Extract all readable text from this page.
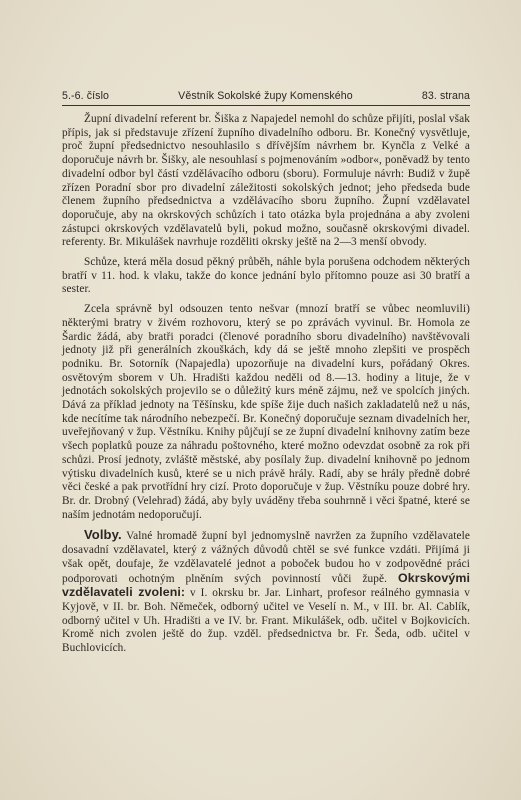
5.-6. číslo	Věstník Sokolské župy Komenského	83. strana

Župní divadelní referent br. Šiška z Napajedel nemohl do schůze přijíti, poslal však přípis, jak si představuje zřízení župního divadelního odboru. Br. Konečný vysvětluje, proč župní předsednictvo nesouhlasilo s dřívějším návrhem br. Kynčla z Velké a doporučuje návrh br. Šišky, ale nesouhlasí s pojmenováním »odbor«, poněvadž by tento divadelní odbor byl částí vzdělávacího odboru (sboru). Formuluje návrh: Budiž v župě zřízen Poradní sbor pro divadelní záležitosti sokolských jednot; jeho předseda bude členem župního předsednictva a vzdělávacího sboru župního. Župní vzdělavatel doporučuje, aby na okrskových schůzích i tato otázka byla projednána a aby zvoleni zástupci okrskových vzdělavatelů byli, pokud možno, současně okrskovými divadel. referenty. Br. Mikulášek navrhuje rozděliti okrsky ještě na 2—3 menší obvody.

Schůze, která měla dosud pěkný průběh, náhle byla porušena odchodem některých bratří v 11. hod. k vlaku, takže do konce jednání bylo přítomno pouze asi 30 bratří a sester.

Zcela správně byl odsouzen tento nešvar (mnozí bratří se vůbec neomluvili) některými bratry v živém rozhovoru, který se po zprávách vyvinul. Br. Homola ze Šardic žádá, aby bratři poradci (členové poradního sboru divadelního) navštěvovali jednoty již při generálních zkouškách, kdy dá se ještě mnoho zlepšiti ve prospěch podniku. Br. Sotorník (Napajedla) upozorňuje na divadelní kurs, pořádaný Okres. osvětovým sborem v Uh. Hradišti každou neděli od 8.—13. hodiny a lituje, že v jednotách sokolských projevilo se o důležitý kurs méně zájmu, než ve spolcích jiných. Dává za příklad jednoty na Těšínsku, kde spíše žije duch našich zakladatelů než u nás, kde necítíme tak národního nebezpečí. Br. Konečný doporučuje seznam divadelních her, uveřejňovaný v žup. Věstníku. Knihy půjčují se ze župní divadelní knihovny zatím beze všech poplatků pouze za náhradu poštovného, které možno odevzdat osobně za rok při schůzi. Prosí jednoty, zvláště městské, aby posílaly žup. divadelní knihovně po jednom výtisku divadelních kusů, které se u nich právě hrály. Radí, aby se hrály předně dobré věci české a pak prvotřídní hry cizí. Proto doporučuje v žup. Věstníku pouze dobré hry. Br. dr. Drobný (Velehrad) žádá, aby byly uváděny třeba souhrnně i věci špatné, které se naším jednotám nedoporučují.

Volby. Valné hromadě župní byl jednomyslně navržen za župního vzdělavatele dosavadní vzdělavatel, který z vážných důvodů chtěl se své funkce vzdáti. Přijímá ji však opět, doufaje, že vzdělavatelé jednot a poboček budou ho v zodpovědné práci podporovati ochotným plněním svých povinností vůči župě. Okrskovými vzdělavateli zvoleni: v I. okrsku br. Jar. Linhart, profesor reálného gymnasia v Kyjově, v II. br. Boh. Němeček, odborný učitel ve Veselí n. M., v III. br. Al. Cablík, odborný učitel v Uh. Hradišti a ve IV. br. Frant. Mikulášek, odb. učitel v Bojkovicích. Kromě nich zvolen ještě do žup. vzděl. předsednictva br. Fr. Šeda, odb. učitel v Buchlovicích.
